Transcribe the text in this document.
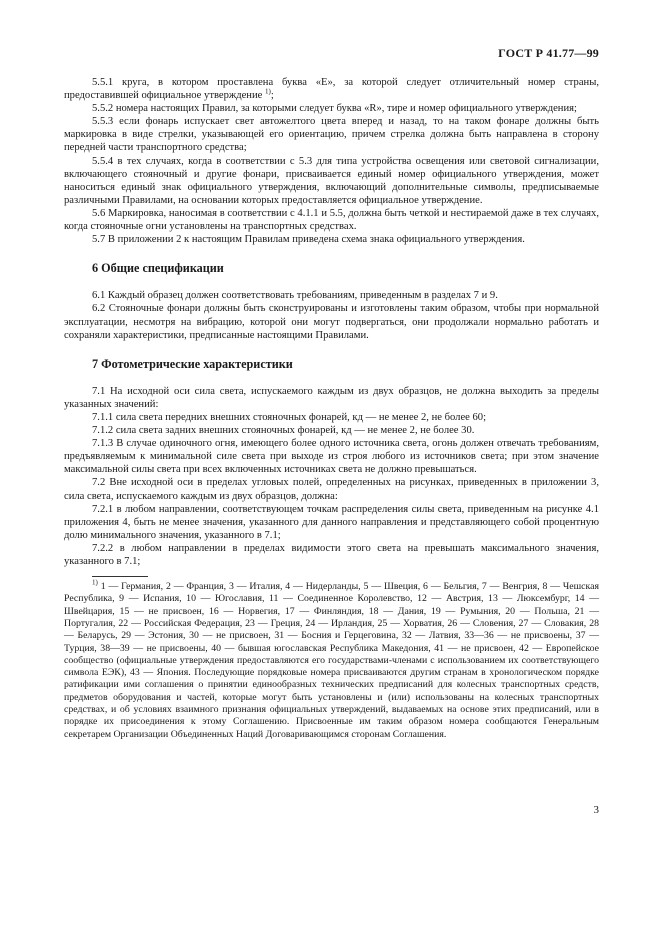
ГОСТ Р 41.77—99

5.5.1 круга, в котором проставлена буква «E», за которой следует отличительный номер страны, предоставившей официальное утверждение $^{1)}$;

5.5.2 номера настоящих Правил, за которыми следует буква «R», тире и номер официального утверждения;

5.5.3 если фонарь испускает свет автожелтого цвета вперед и назад, то на таком фонаре должны быть маркировка в виде стрелки, указывающей его ориентацию, причем стрелка должна быть направлена в сторону передней части транспортного средства;

5.5.4 в тех случаях, когда в соответствии с 5.3 для типа устройства освещения или световой сигнализации, включающего стояночный и другие фонари, присваивается единый номер официального утверждения, может наноситься единый знак официального утверждения, включающий дополнительные символы, предписываемые различными Правилами, на основании которых предоставляется официальное утверждение.

5.6 Маркировка, наносимая в соответствии с 4.1.1 и 5.5, должна быть четкой и нестираемой даже в тех случаях, когда стояночные огни установлены на транспортных средствах.

5.7 В приложении 2 к настоящим Правилам приведена схема знака официального утверждения.

6 Общие спецификации

6.1 Каждый образец должен соответствовать требованиям, приведенным в разделах 7 и 9.

6.2 Стояночные фонари должны быть сконструированы и изготовлены таким образом, чтобы при нормальной эксплуатации, несмотря на вибрацию, которой они могут подвергаться, они продолжали нормально работать и сохраняли характеристики, предписанные настоящими Правилами.

7 Фотометрические характеристики

7.1 На исходной оси сила света, испускаемого каждым из двух образцов, не должна выходить за пределы указанных значений:

7.1.1 сила света передних внешних стояночных фонарей, кд — не менее 2, не более 60;

7.1.2 сила света задних внешних стояночных фонарей, кд — не менее 2, не более 30.

7.1.3 В случае одиночного огня, имеющего более одного источника света, огонь должен отвечать требованиям, предъявляемым к минимальной силе света при выходе из строя любого из источников света; при этом значение максимальной силы света при всех включенных источниках света не должно превышаться.

7.2 Вне исходной оси в пределах угловых полей, определенных на рисунках, приведенных в приложении 3, сила света, испускаемого каждым из двух образцов, должна:

7.2.1 в любом направлении, соответствующем точкам распределения силы света, приведенным на рисунке 4.1 приложения 4, быть не менее значения, указанного для данного направления и представляющего собой процентную долю минимального значения, указанного в 7.1;

7.2.2 в любом направлении в пределах видимости этого света на превышать максимального значения, указанного в 7.1;

$^{1)}$ 1 — Германия, 2 — Франция, 3 — Италия, 4 — Нидерланды, 5 — Швеция, 6 — Бельгия, 7 — Венгрия, 8 — Чешская Республика, 9 — Испания, 10 — Югославия, 11 — Соединенное Королевство, 12 — Австрия, 13 — Люксембург, 14 — Швейцария, 15 — не присвоен, 16 — Норвегия, 17 — Финляндия, 18 — Дания, 19 — Румыния, 20 — Польша, 21 — Португалия, 22 — Российская Федерация, 23 — Греция, 24 — Ирландия, 25 — Хорватия, 26 — Словения, 27 — Словакия, 28 — Беларусь, 29 — Эстония, 30 — не присвоен, 31 — Босния и Герцеговина, 32 — Латвия, 33—36 — не присвоены, 37 — Турция, 38—39 — не присвоены, 40 — бывшая югославская Республика Македония, 41 — не присвоен, 42 — Европейское сообщество (официальные утверждения предоставляются его государствами-членами с использованием их соответствующего символа ЕЭК), 43 — Япония. Последующие порядковые номера присваиваются другим странам в хронологическом порядке ратификации ими соглашения о принятии единообразных технических предписаний для колесных транспортных средств, предметов оборудования и частей, которые могут быть установлены и (или) использованы на колесных транспортных средствах, и об условиях взаимного признания официальных утверждений, выдаваемых на основе этих предписаний, или в порядке их присоединения к этому Соглашению. Присвоенные им таким образом номера сообщаются Генеральным секретарем Организации Объединенных Наций Договаривающимся сторонам Соглашения.

3
